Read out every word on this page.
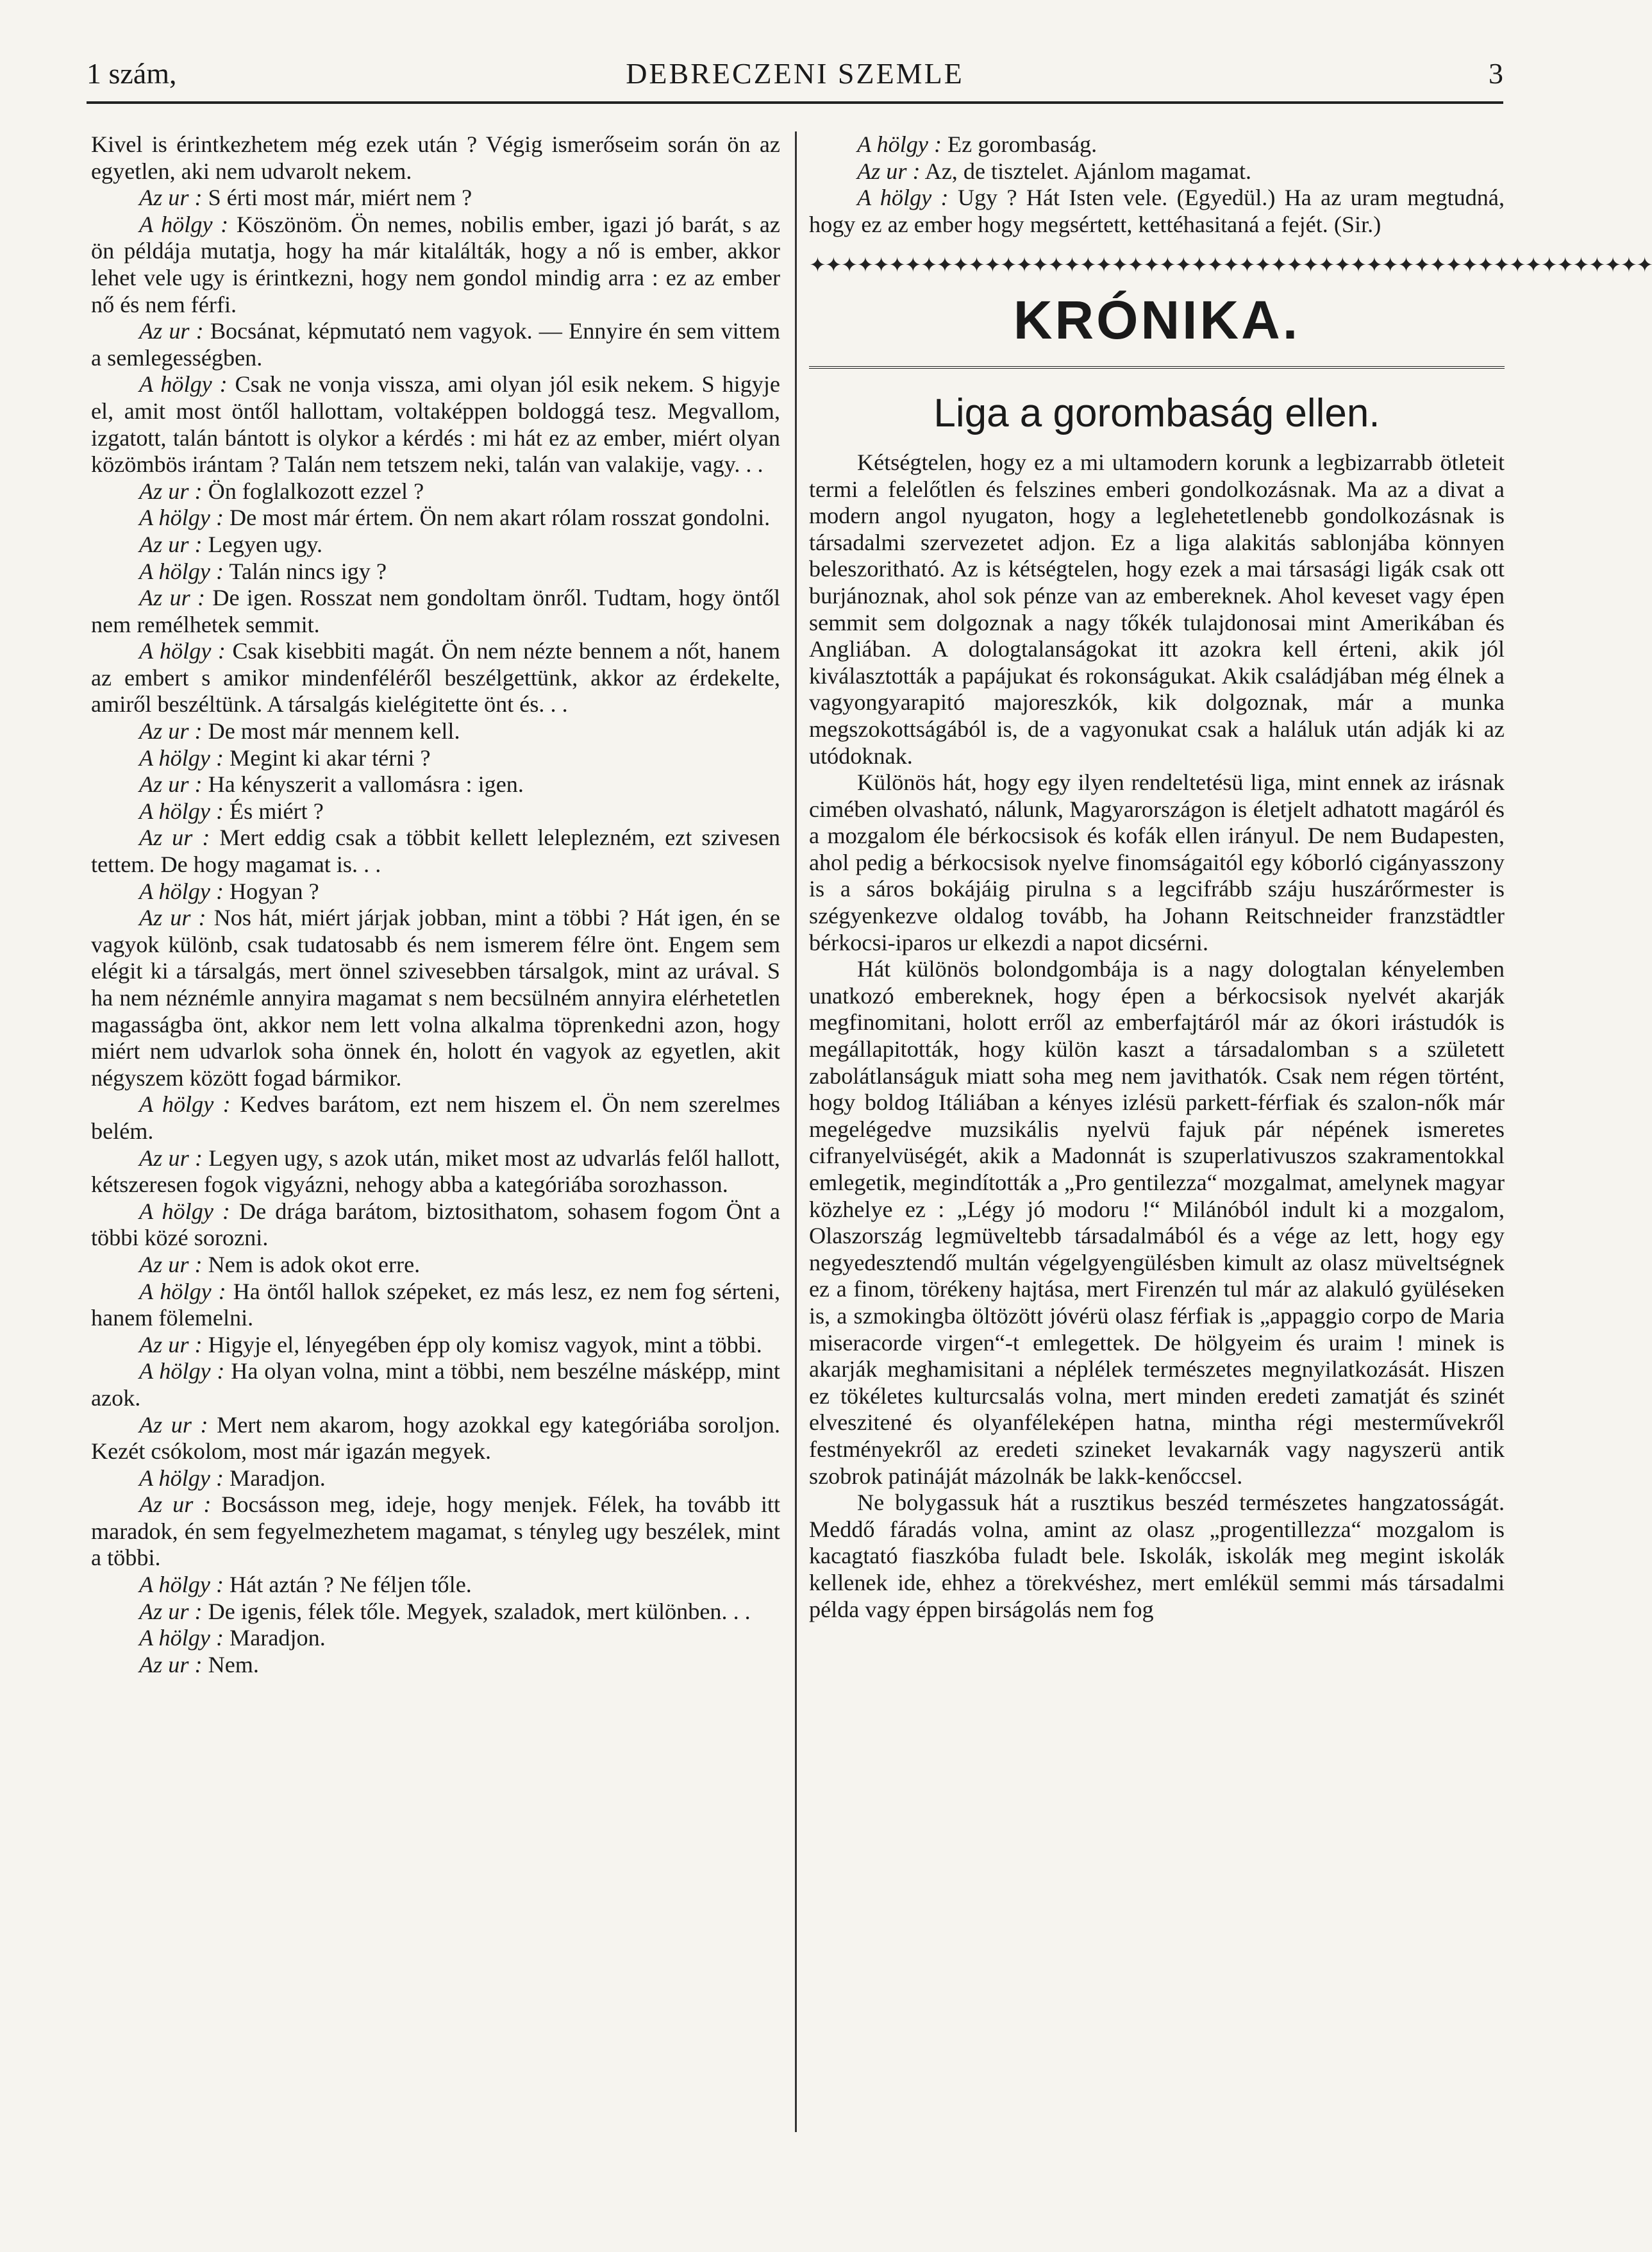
1 szám,	DEBRECZENI SZEMLE	3

Kivel is érintkezhetem még ezek után ? Végig ismerőseim során ön az egyetlen, aki nem udvarolt nekem.

Az ur : S érti most már, miért nem ?

A hölgy : Köszönöm. Ön nemes, nobilis ember, igazi jó barát, s az ön példája mutatja, hogy ha már kitalálták, hogy a nő is ember, akkor lehet vele ugy is érintkezni, hogy nem gondol mindig arra : ez az ember nő és nem férfi.

Az ur : Bocsánat, képmutató nem vagyok. — Ennyire én sem vittem a semlegességben.

A hölgy : Csak ne vonja vissza, ami olyan jól esik nekem. S higyje el, amit most öntől hallottam, voltaképpen boldoggá tesz. Megvallom, izgatott, talán bántott is olykor a kérdés : mi hát ez az ember, miért olyan közömbös irántam ? Talán nem tetszem neki, talán van valakije, vagy. . .

Az ur : Ön foglalkozott ezzel ?

A hölgy : De most már értem. Ön nem akart rólam rosszat gondolni.

Az ur : Legyen ugy.

A hölgy : Talán nincs igy ?

Az ur : De igen. Rosszat nem gondoltam önről. Tudtam, hogy öntől nem remélhetek semmit.

A hölgy : Csak kisebbiti magát. Ön nem nézte bennem a nőt, hanem az embert s amikor mindenféléről beszélgettünk, akkor az érdekelte, amiről beszéltünk. A társalgás kielégitette önt és. . .

Az ur : De most már mennem kell.

A hölgy : Megint ki akar térni ?

Az ur : Ha kényszerit a vallomásra : igen.

A hölgy : És miért ?

Az ur : Mert eddig csak a többit kellett leleplezném, ezt szivesen tettem. De hogy magamat is. . .

A hölgy : Hogyan ?

Az ur : Nos hát, miért járjak jobban, mint a többi ? Hát igen, én se vagyok különb, csak tudatosabb és nem ismerem félre önt. Engem sem elégit ki a társalgás, mert önnel szivesebben társalgok, mint az urával. S ha nem néznémle annyira magamat s nem becsülném annyira elérhetetlen magasságba önt, akkor nem lett volna alkalma töprenkedni azon, hogy miért nem udvarlok soha önnek én, holott én vagyok az egyetlen, akit négyszem között fogad bármikor.

A hölgy : Kedves barátom, ezt nem hiszem el. Ön nem szerelmes belém.

Az ur : Legyen ugy, s azok után, miket most az udvarlás felől hallott, kétszeresen fogok vigyázni, nehogy abba a kategóriába sorozhasson.

A hölgy : De drága barátom, biztosithatom, sohasem fogom Önt a többi közé sorozni.

Az ur : Nem is adok okot erre.

A hölgy : Ha öntől hallok szépeket, ez más lesz, ez nem fog sérteni, hanem fölemelni.

Az ur : Higyje el, lényegében épp oly komisz vagyok, mint a többi.

A hölgy : Ha olyan volna, mint a többi, nem beszélne másképp, mint azok.

Az ur : Mert nem akarom, hogy azokkal egy kategóriába soroljon. Kezét csókolom, most már igazán megyek.

A hölgy : Maradjon.

Az ur : Bocsásson meg, ideje, hogy menjek. Félek, ha tovább itt maradok, én sem fegyelmezhetem magamat, s tényleg ugy beszélek, mint a többi.

A hölgy : Hát aztán ? Ne féljen tőle.

Az ur : De igenis, félek tőle. Megyek, szaladok, mert különben. . .

A hölgy : Maradjon.

Az ur : Nem.

A hölgy : Ez gorombaság.

Az ur : Az, de tisztelet. Ajánlom magamat.

A hölgy : Ugy ? Hát Isten vele. (Egyedül.) Ha az uram megtudná, hogy ez az ember hogy megsértett, kettéhasitaná a fejét. (Sir.)

✦✦✦✦✦✦✦✦✦✦✦✦✦✦✦✦✦✦✦✦✦✦✦✦✦✦✦✦✦✦✦✦✦✦✦✦✦✦✦✦✦✦✦✦✦✦✦✦✦✦✦✦✦
KRÓNIKA.
Liga a gorombaság ellen.

Kétségtelen, hogy ez a mi ultamodern korunk a legbizarrabb ötleteit termi a felelőtlen és felszines emberi gondolkozásnak. Ma az a divat a modern angol nyugaton, hogy a leglehetetlenebb gondolkozásnak is társadalmi szervezetet adjon. Ez a liga alakitás sablonjába könnyen beleszoritható. Az is kétségtelen, hogy ezek a mai társasági ligák csak ott burjánoznak, ahol sok pénze van az embereknek. Ahol keveset vagy épen semmit sem dolgoznak a nagy tőkék tulajdonosai mint Amerikában és Angliában. A dologtalanságokat itt azokra kell érteni, akik jól kiválasztották a papájukat és rokonságukat. Akik családjában még élnek a vagyongyarapitó majoreszkók, kik dolgoznak, már a munka megszokottságából is, de a vagyonukat csak a haláluk után adják ki az utódoknak.

Különös hát, hogy egy ilyen rendeltetésü liga, mint ennek az irásnak cimében olvasható, nálunk, Magyarországon is életjelt adhatott magáról és a mozgalom éle bérkocsisok és kofák ellen irányul. De nem Budapesten, ahol pedig a bérkocsisok nyelve finomságaitól egy kóborló cigányasszony is a sáros bokájáig pirulna s a legcifrább száju huszárőrmester is szégyenkezve oldalog tovább, ha Johann Reitschneider franzstädtler bérkocsi-iparos ur elkezdi a napot dicsérni.

Hát különös bolondgombája is a nagy dologtalan kényelemben unatkozó embereknek, hogy épen a bérkocsisok nyelvét akarják megfinomitani, holott erről az emberfajtáról már az ókori irástudók is megállapitották, hogy külön kaszt a társadalomban s a született zabolátlanságuk miatt soha meg nem javithatók. Csak nem régen történt, hogy boldog Itáliában a kényes izlésü parkett-férfiak és szalon-nők már megelégedve muzsikális nyelvü fajuk pár népének ismeretes cifranyelvüségét, akik a Madonnát is szuperlativuszos szakramentokkal emlegetik, megindították a „Pro gentilezza“ mozgalmat, amelynek magyar közhelye ez : „Légy jó modoru !“ Milánóból indult ki a mozgalom, Olaszország legmüveltebb társadalmából és a vége az lett, hogy egy negyedesztendő multán végelgyengülésben kimult az olasz müveltségnek ez a finom, törékeny hajtása, mert Firenzén tul már az alakuló gyüléseken is, a szmokingba öltözött jóvérü olasz férfiak is „appaggio corpo de Maria miseracorde virgen“-t emlegettek. De hölgyeim és uraim ! minek is akarják meghamisitani a néplélek természetes megnyilatkozását. Hiszen ez tökéletes kulturcsalás volna, mert minden eredeti zamatját és szinét elveszitené és olyanféleképen hatna, mintha régi mesterművekről festményekről az eredeti szineket levakarnák vagy nagyszerü antik szobrok patináját mázolnák be lakk-kenőccsel.

Ne bolygassuk hát a rusztikus beszéd természetes hangzatosságát. Meddő fáradás volna, amint az olasz „progentillezza“ mozgalom is kacagtató fiaszkóba fuladt bele. Iskolák, iskolák meg megint iskolák kellenek ide, ehhez a törekvéshez, mert emlékül semmi más társadalmi példa vagy éppen birságolás nem fog
